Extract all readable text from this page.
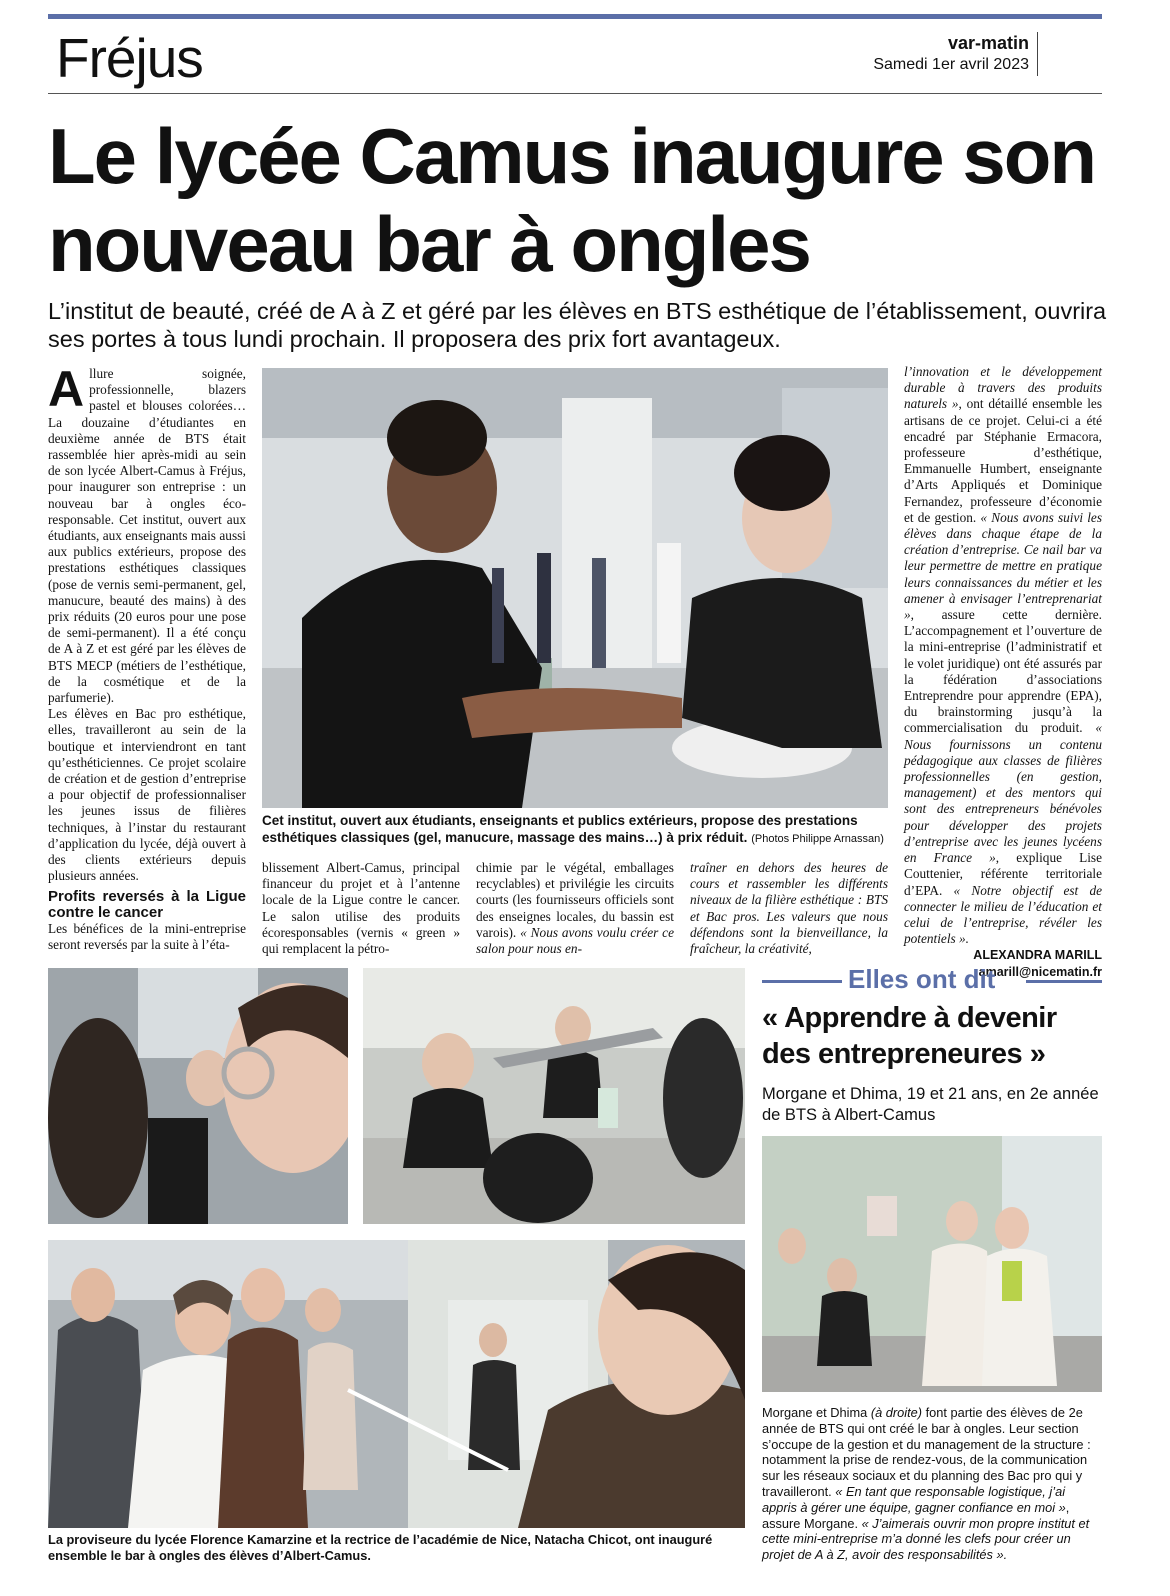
Fréjus	var-matin
Samedi 1er avril 2023
Le lycée Camus inaugure son nouveau bar à ongles
L’institut de beauté, créé de A à Z et géré par les élèves en BTS esthétique de l’établissement, ouvrira ses portes à tous lundi prochain. Il proposera des prix fort avantageux.

Allure soignée, professionnelle, blazers pastel et blouses colorées… La douzaine d’étudiantes en deuxième année de BTS était rassemblée hier après-midi au sein de son lycée Albert-Camus à Fréjus, pour inaugurer son entreprise : un nouveau bar à ongles éco-responsable. Cet institut, ouvert aux étudiants, aux enseignants mais aussi aux publics extérieurs, propose des prestations esthétiques classiques (pose de vernis semi-permanent, gel, manucure, beauté des mains) à des prix réduits (20 euros pour une pose de semi-permanent). Il a été conçu de A à Z et est géré par les élèves de BTS MECP (métiers de l’esthétique, de la cosmétique et de la parfumerie).

Les élèves en Bac pro esthétique, elles, travailleront au sein de la boutique et interviendront en tant qu’esthéticiennes. Ce projet scolaire de création et de gestion d’entreprise a pour objectif de professionnaliser les jeunes issus de filières techniques, à l’instar du restaurant d’application du lycée, déjà ouvert à des clients extérieurs depuis plusieurs années.

Profits reversés à la Ligue contre le cancer

Les bénéfices de la mini-entreprise seront reversés par la suite à l’éta-

Cet institut, ouvert aux étudiants, enseignants et publics extérieurs, propose des prestations esthétiques classiques (gel, manucure, massage des mains…) à prix réduit. (Photos Philippe Arnassan)

blissement Albert-Camus, principal financeur du projet et à l’antenne locale de la Ligue contre le cancer. Le salon utilise des produits écoresponsables (vernis « green » qui remplacent la pétro-

chimie par le végétal, emballages recyclables) et privilégie les circuits courts (les fournisseurs officiels sont des enseignes locales, du bassin est varois). « Nous avons voulu créer ce salon pour nous en-

traîner en dehors des heures de cours et rassembler les différents niveaux de la filière esthétique : BTS et Bac pros. Les valeurs que nous défendons sont la bienveillance, la fraîcheur, la créativité,

l’innovation et le développement durable à travers des produits naturels », ont détaillé ensemble les artisans de ce projet. Celui-ci a été encadré par Stéphanie Ermacora, professeure d’esthétique, Emmanuelle Humbert, enseignante d’Arts Appliqués et Dominique Fernandez, professeure d’économie et de gestion. « Nous avons suivi les élèves dans chaque étape de la création d’entreprise. Ce nail bar va leur permettre de mettre en pratique leurs connaissances du métier et les amener à envisager l’entreprenariat », assure cette dernière. L’accompagnement et l’ouverture de la mini-entreprise (l’administratif et le volet juridique) ont été assurés par la fédération d’associations Entreprendre pour apprendre (EPA), du brainstorming jusqu’à la commercialisation du produit. « Nous fournissons un contenu pédagogique aux classes de filières professionnelles (en gestion, management) et des mentors qui sont des entrepreneurs bénévoles pour développer des projets d’entreprise avec les jeunes lycéens en France », explique Lise Couttenier, référente territoriale d’EPA. « Notre objectif est de connecter le milieu de l’éducation et celui de l’entreprise, révéler les potentiels ».

ALEXANDRA MARILL
amarill@nicematin.fr
Elles ont dit
« Apprendre à devenir des entrepreneures »
Morgane et Dhima, 19 et 21 ans, en 2e année de BTS à Albert-Camus
Morgane et Dhima (à droite) font partie des élèves de 2e année de BTS qui ont créé le bar à ongles. Leur section s’occupe de la gestion et du management de la structure : notamment la prise de rendez-vous, de la communication sur les réseaux sociaux et du planning des Bac pro qui y travailleront. « En tant que responsable logistique, j’ai appris à gérer une équipe, gagner confiance en moi », assure Morgane. « J’aimerais ouvrir mon propre institut et cette mini-entreprise m’a donné les clefs pour créer un projet de A à Z, avoir des responsabilités ».
La proviseure du lycée Florence Kamarzine et la rectrice de l’académie de Nice, Natacha Chicot, ont inauguré ensemble le bar à ongles des élèves d’Albert-Camus.
